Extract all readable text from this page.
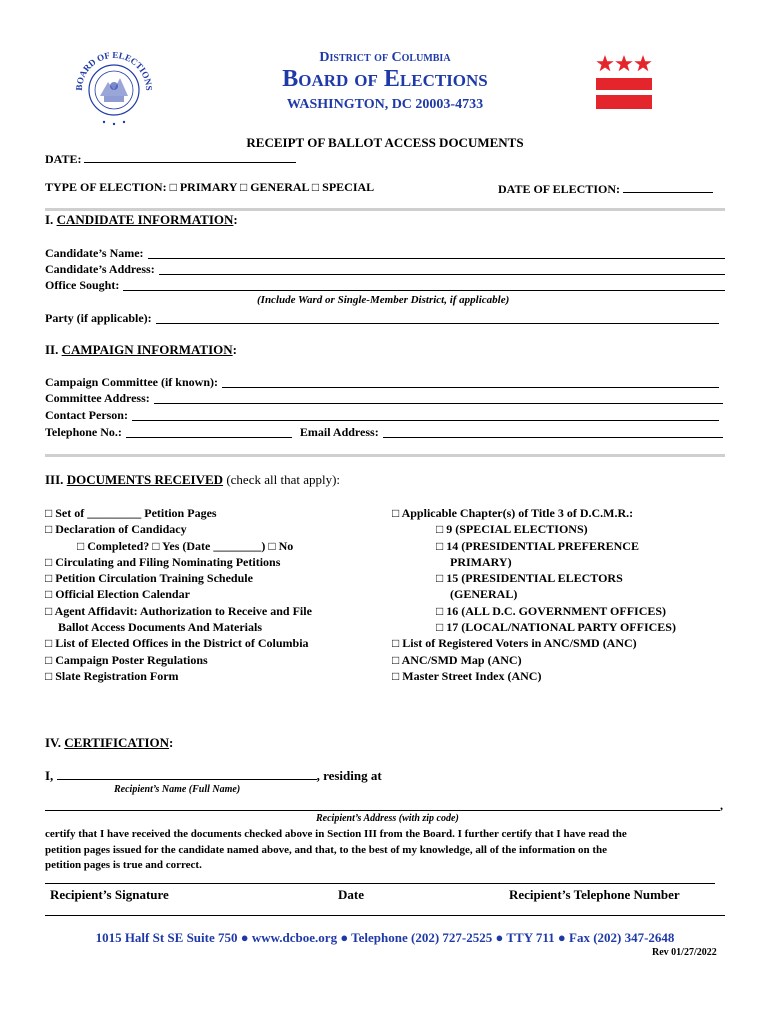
BOARD OF ELECTIONS
District of Columbia
Board of Elections
WASHINGTON, DC 20003-4733
RECEIPT OF BALLOT ACCESS DOCUMENTS
DATE:
TYPE OF ELECTION: □ PRIMARY □ GENERAL □ SPECIAL	DATE OF ELECTION:
I. CANDIDATE INFORMATION:
Candidate’s Name:
Candidate’s Address:
Office Sought:
(Include Ward or Single-Member District, if applicable)
Party (if applicable):
II. CAMPAIGN INFORMATION:
Campaign Committee (if known):
Committee Address:
Contact Person:
Telephone No.:	Email Address:
III. DOCUMENTS RECEIVED (check all that apply):
□ Set of _________ Petition Pages
□ Declaration of Candidacy
□ Completed? □ Yes (Date ________) □ No
□ Circulating and Filing Nominating Petitions
□ Petition Circulation Training Schedule
□ Official Election Calendar
□ Agent Affidavit: Authorization to Receive and File
Ballot Access Documents And Materials
□ List of Elected Offices in the District of Columbia
□ Campaign Poster Regulations
□ Slate Registration Form
□ Applicable Chapter(s) of Title 3 of D.C.M.R.:
□ 9 (SPECIAL ELECTIONS)
□ 14 (PRESIDENTIAL PREFERENCE
PRIMARY)
□ 15 (PRESIDENTIAL ELECTORS
(GENERAL)
□ 16 (ALL D.C. GOVERNMENT OFFICES)
□ 17 (LOCAL/NATIONAL PARTY OFFICES)
□ List of Registered Voters in ANC/SMD (ANC)
□ ANC/SMD Map (ANC)
□ Master Street Index (ANC)
IV. CERTIFICATION:
I,	, residing at
Recipient’s Name (Full Name)
,
Recipient’s Address (with zip code)
certify that I have received the documents checked above in Section III from the Board. I further certify that I have read the
petition pages issued for the candidate named above, and that, to the best of my knowledge, all of the information on the
petition pages is true and correct.
Recipient’s Signature	Date	Recipient’s Telephone Number
1015 Half St SE Suite 750 ● www.dcboe.org ● Telephone (202) 727-2525 ● TTY 711 ● Fax (202) 347-2648
Rev 01/27/2022
